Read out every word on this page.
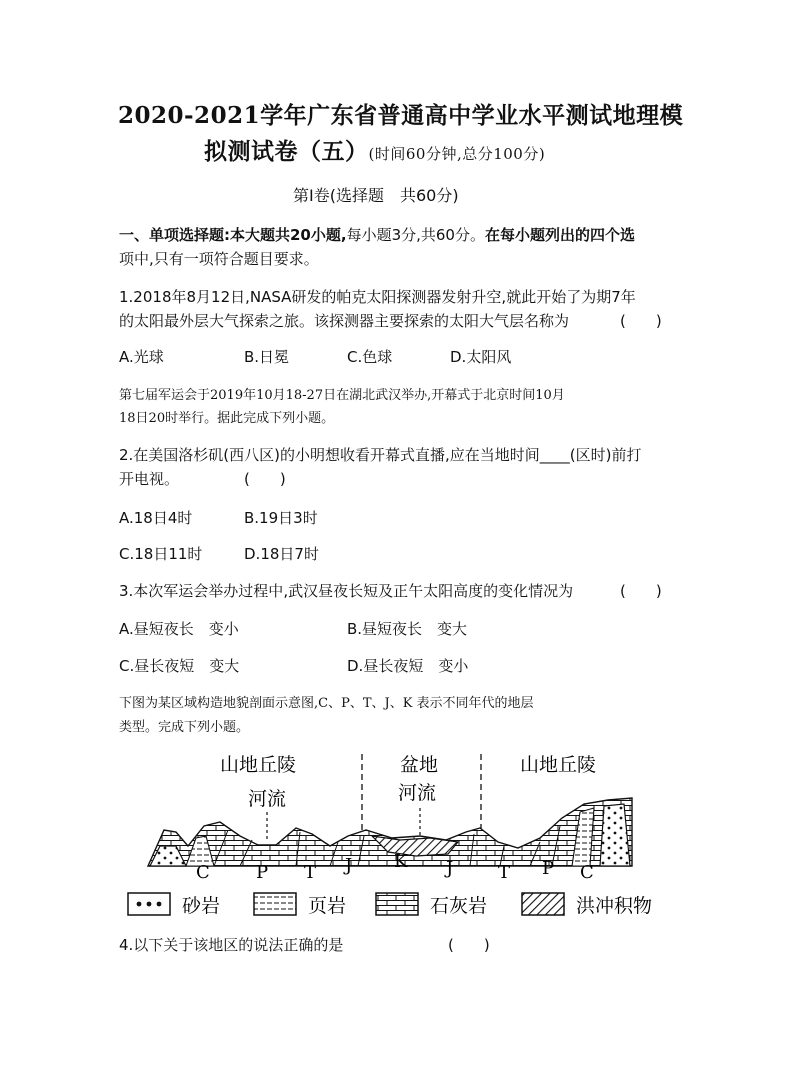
2020-2021学年广东省普通高中学业水平测试地理模
拟测试卷（五）(时间60分钟,总分100分)
第Ⅰ卷(选择题　共60分)
一、单项选择题:本大题共20小题,每小题3分,共60分。在每小题列出的四个选
项中,只有一项符合题目要求。
1.2018年8月12日,NASA研发的帕克太阳探测器发射升空,就此开始了为期7年
的太阳最外层大气探索之旅。该探测器主要探索的太阳大气层名称为	(　　)
A.光球	B.日冕	C.色球	D.太阳风
第七届军运会于2019年10月18-27日在湖北武汉举办,开幕式于北京时间10月
18日20时举行。据此完成下列小题。
2.在美国洛杉矶(西八区)的小明想收看开幕式直播,应在当地时间____(区时)前打
开电视。	(　　)
A.18日4时	B.19日3时
C.18日11时	D.18日7时
3.本次军运会举办过程中,武汉昼夜长短及正午太阳高度的变化情况为	(　　)
A.昼短夜长　变小	B.昼短夜长　变大
C.昼长夜短　变大	D.昼长夜短　变小
下图为某区域构造地貌剖面示意图,C、P、T、J、K 表示不同年代的地层
类型。完成下列小题。
山地丘陵	盆地	山地丘陵
河流	河流
C	P T J K J T P C
砂岩	页岩	石灰岩	洪冲积物
4.以下关于该地区的说法正确的是	(　　)
